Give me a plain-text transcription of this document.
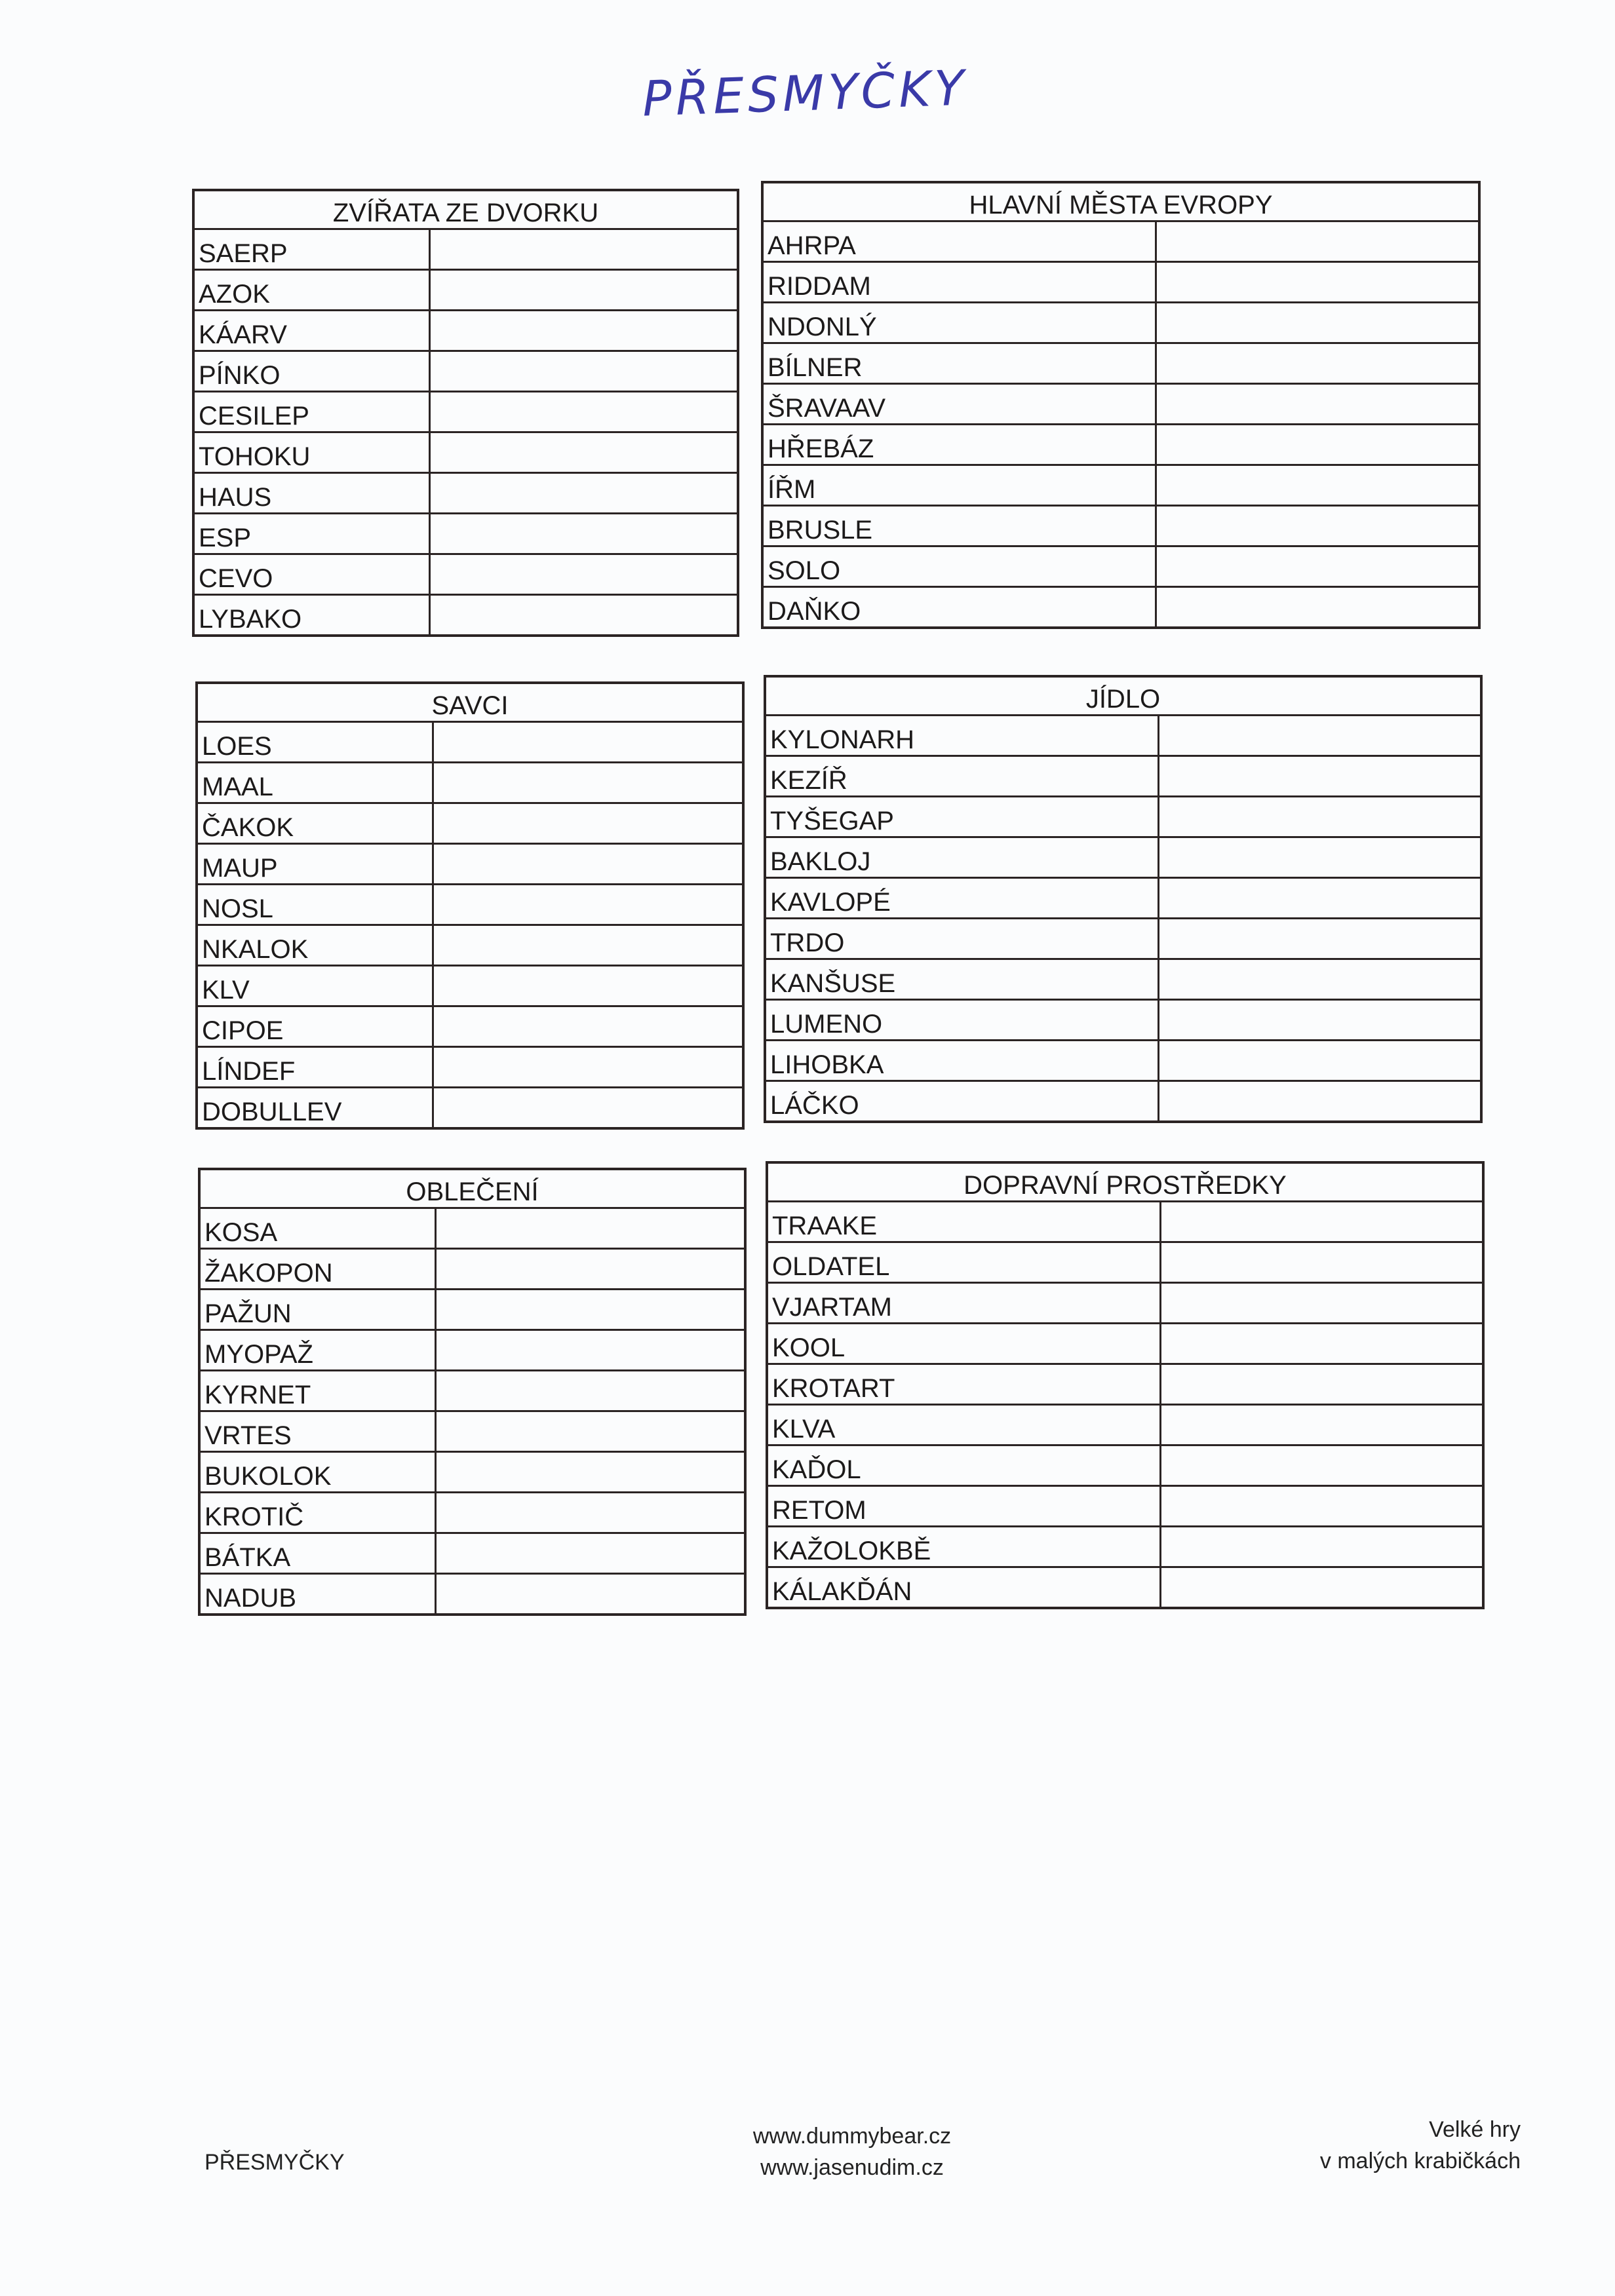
PŘESMYČKY
ZVÍŘATA ZE DVORKU	
SAERP	
AZOK	
KÁARV	
PÍNKO	
CESILEP	
TOHOKU	
HAUS	
ESP	
CEVO	
LYBAKO	
HLAVNÍ MĚSTA EVROPY	
AHRPA	
RIDDAM	
NDONLÝ	
BÍLNER	
ŠRAVAAV	
HŘEBÁZ	
ÍŘM	
BRUSLE	
SOLO	
DAŇKO	
SAVCI	
LOES	
MAAL	
ČAKOK	
MAUP	
NOSL	
NKALOK	
KLV	
CIPOE	
LÍNDEF	
DOBULLEV	
JÍDLO	
KYLONARH	
KEZÍŘ	
TYŠEGAP	
BAKLOJ	
KAVLOPÉ	
TRDO	
KANŠUSE	
LUMENO	
LIHOBKA	
LÁČKO	
OBLEČENÍ	
KOSA	
ŽAKOPON	
PAŽUN	
MYOPAŽ	
KYRNET	
VRTES	
BUKOLOK	
KROTIČ	
BÁTKA	
NADUB	
DOPRAVNÍ PROSTŘEDKY	
TRAAKE	
OLDATEL	
VJARTAM	
KOOL	
KROTART	
KLVA	
KAĎOL	
RETOM	
KAŽOLOKBĚ	
KÁLAKĎÁN	
PŘESMYČKY
www.dummybear.cz
www.jasenudim.cz
Velké hry
v malých krabičkách
